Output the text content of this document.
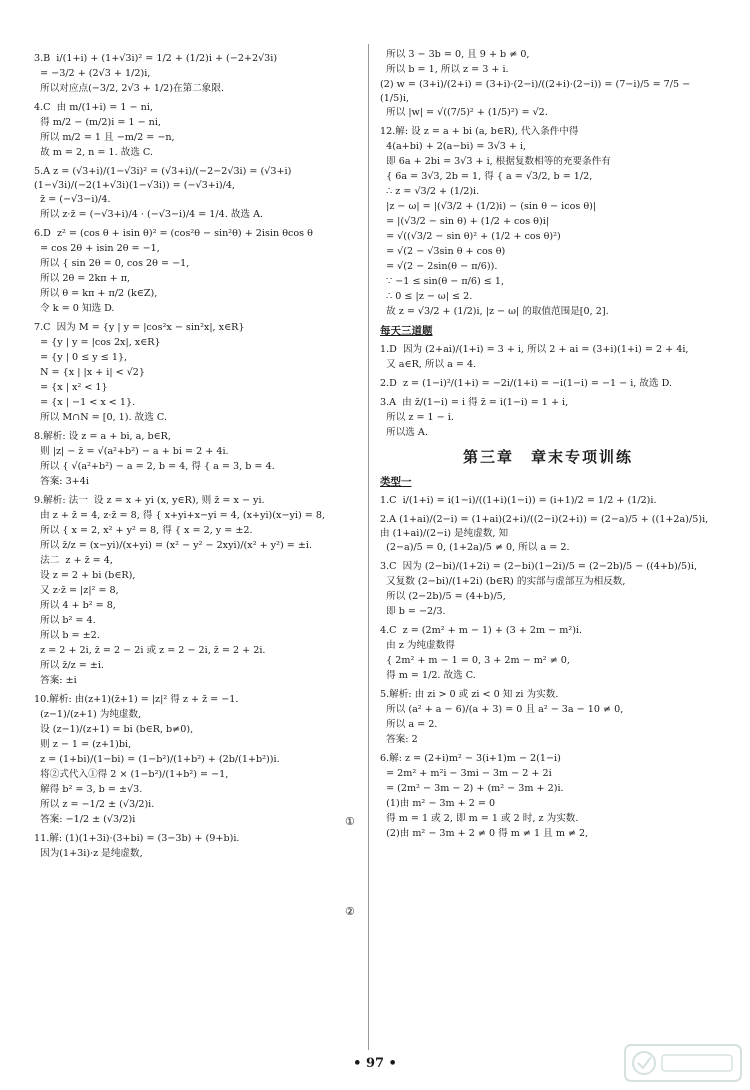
3.B  i/(1+i) + (1+√3i)² = 1/2 + (1/2)i + (−2+2√3i)
= −3/2 + (2√3 + 1/2)i,
所以对应点(−3/2, 2√3 + 1/2)在第二象限.
4.C  由 m/(1+i) = 1 − ni,
得 m/2 − (m/2)i = 1 − ni,
所以 m/2 = 1 且 −m/2 = −n,
故 m = 2, n = 1. 故选 C.
5.A z = (√3+i)/(1−√3i)² = (√3+i)/(−2−2√3i) = (√3+i)(1−√3i)/(−2(1+√3i)(1−√3i)) = (−√3+i)/4,
z̄ = (−√3−i)/4.
所以 z·z̄ = (−√3+i)/4 · (−√3−i)/4 = 1/4. 故选 A.
6.D  z² = (cos θ + isin θ)² = (cos²θ − sin²θ) + 2isin θcos θ
= cos 2θ + isin 2θ = −1,
所以 { sin 2θ = 0, cos 2θ = −1,
所以 2θ = 2kπ + π,
所以 θ = kπ + π/2 (k∈Z),
令 k = 0 知选 D.
7.C  因为 M = {y | y = |cos²x − sin²x|, x∈R}
= {y | y = |cos 2x|, x∈R}
= {y | 0 ≤ y ≤ 1},
N = {x | |x + i| < √2}
= {x | x² < 1}
= {x | −1 < x < 1}.
所以 M∩N = [0, 1). 故选 C.
8.解析: 设 z = a + bi, a, b∈R,
则 |z| − z̄ = √(a²+b²) − a + bi = 2 + 4i.
所以 { √(a²+b²) − a = 2, b = 4, 得 { a = 3, b = 4.
答案: 3+4i
9.解析: 法一  设 z = x + yi (x, y∈R), 则 z̄ = x − yi.
由 z + z̄ = 4, z·z̄ = 8, 得 { x+yi+x−yi = 4, (x+yi)(x−yi) = 8,
所以 { x = 2, x² + y² = 8, 得 { x = 2, y = ±2.
所以 z̄/z = (x−yi)/(x+yi) = (x² − y² − 2xyi)/(x² + y²) = ±i.
法二  z + z̄ = 4,
设 z = 2 + bi (b∈R),
又 z·z̄ = |z|² = 8,
所以 4 + b² = 8,
所以 b² = 4.
所以 b = ±2.
z = 2 + 2i, z̄ = 2 − 2i 或 z = 2 − 2i, z̄ = 2 + 2i.
所以 z̄/z = ±i.
答案: ±i
10.解析: 由(z+1)(z̄+1) = |z|² 得 z + z̄ = −1.
(z−1)/(z+1) 为纯虚数,
设 (z−1)/(z+1) = bi (b∈R, b≠0),
则 z − 1 = (z+1)bi,
z = (1+bi)/(1−bi) = (1−b²)/(1+b²) + (2b/(1+b²))i.
将②式代入①得 2 × (1−b²)/(1+b²) = −1,
解得 b² = 3, b = ±√3.
所以 z = −1/2 ± (√3/2)i.
答案: −1/2 ± (√3/2)i
11.解: (1)(1+3i)·(3+bi) = (3−3b) + (9+b)i.
因为(1+3i)·z 是纯虚数,
所以 3 − 3b = 0, 且 9 + b ≠ 0,
所以 b = 1, 所以 z = 3 + i.
(2) w = (3+i)/(2+i) = (3+i)·(2−i)/((2+i)·(2−i)) = (7−i)/5 = 7/5 − (1/5)i,
所以 |w| = √((7/5)² + (1/5)²) = √2.
12.解: 设 z = a + bi (a, b∈R), 代入条件中得
4(a+bi) + 2(a−bi) = 3√3 + i,
即 6a + 2bi = 3√3 + i, 根据复数相等的充要条件有
{ 6a = 3√3, 2b = 1, 得 { a = √3/2, b = 1/2,
∴ z = √3/2 + (1/2)i.
|z − ω| = |(√3/2 + (1/2)i) − (sin θ − icos θ)|
= |(√3/2 − sin θ) + (1/2 + cos θ)i|
= √((√3/2 − sin θ)² + (1/2 + cos θ)²)
= √(2 − √3sin θ + cos θ)
= √(2 − 2sin(θ − π/6)).
∵ −1 ≤ sin(θ − π/6) ≤ 1,
∴ 0 ≤ |z − ω| ≤ 2.
故 z = √3/2 + (1/2)i, |z − ω| 的取值范围是[0, 2].
每天三道题
1.D  因为 (2+ai)/(1+i) = 3 + i, 所以 2 + ai = (3+i)(1+i) = 2 + 4i,
又 a∈R, 所以 a = 4.
2.D  z = (1−i)²/(1+i) = −2i/(1+i) = −i(1−i) = −1 − i, 故选 D.
3.A  由 z̄/(1−i) = i 得 z̄ = i(1−i) = 1 + i,
所以 z = 1 − i.
所以选 A.
第三章　章末专项训练
类型一
1.C  i/(1+i) = i(1−i)/((1+i)(1−i)) = (i+1)/2 = 1/2 + (1/2)i.
2.A (1+ai)/(2−i) = (1+ai)(2+i)/((2−i)(2+i)) = (2−a)/5 + ((1+2a)/5)i, 由 (1+ai)/(2−i) 是纯虚数, 知
(2−a)/5 = 0, (1+2a)/5 ≠ 0, 所以 a = 2.
3.C  因为 (2−bi)/(1+2i) = (2−bi)(1−2i)/5 = (2−2b)/5 − ((4+b)/5)i,
又复数 (2−bi)/(1+2i) (b∈R) 的实部与虚部互为相反数,
所以 (2−2b)/5 = (4+b)/5,
即 b = −2/3.
4.C  z = (2m² + m − 1) + (3 + 2m − m²)i.
由 z 为纯虚数得
{ 2m² + m − 1 = 0, 3 + 2m − m² ≠ 0,
得 m = 1/2. 故选 C.
5.解析: 由 zi > 0 或 zi < 0 知 zi 为实数.
所以 (a² + a − 6)/(a + 3) = 0 且 a² − 3a − 10 ≠ 0,
所以 a = 2.
答案: 2
6.解: z = (2+i)m² − 3(i+1)m − 2(1−i)
= 2m² + m²i − 3mi − 3m − 2 + 2i
= (2m² − 3m − 2) + (m² − 3m + 2)i.
(1)由 m² − 3m + 2 = 0
得 m = 1 或 2, 即 m = 1 或 2 时, z 为实数.
(2)由 m² − 3m + 2 ≠ 0 得 m ≠ 1 且 m ≠ 2,
①
②
• 97 •
